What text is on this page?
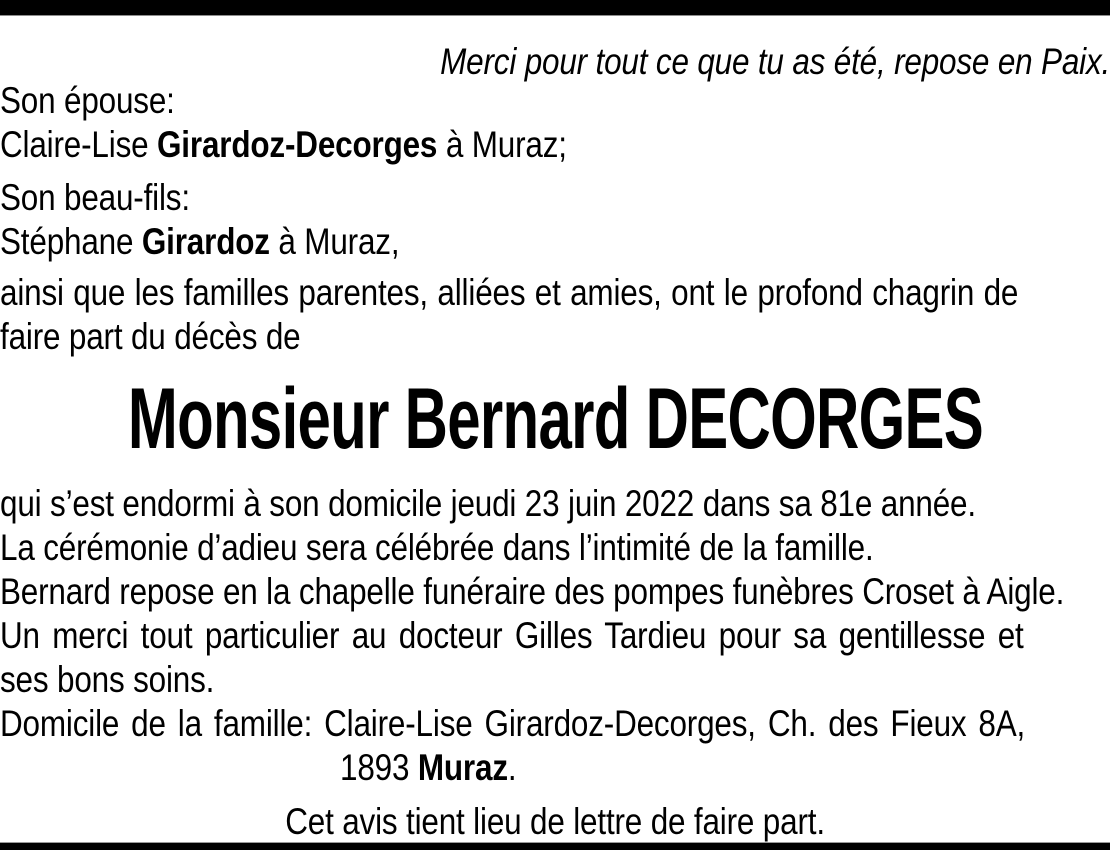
Merci pour tout ce que tu as été, repose en Paix.
Son épouse:
Claire-Lise Girardoz-Decorges à Muraz;
Son beau-fils:
Stéphane Girardoz à Muraz,
ainsi que les familles parentes, alliées et amies, ont le profond chagrin de
faire part du décès de
Monsieur Bernard DECORGES
qui s’est endormi à son domicile jeudi 23 juin 2022 dans sa 81e année.
La cérémonie d’adieu sera célébrée dans l’intimité de la famille.
Bernard repose en la chapelle funéraire des pompes funèbres Croset à Aigle.
Un merci tout particulier au docteur Gilles Tardieu pour sa gentillesse et
ses bons soins.
Domicile de la famille: Claire-Lise Girardoz-Decorges, Ch. des Fieux 8A,
1893 Muraz.
Cet avis tient lieu de lettre de faire part.
